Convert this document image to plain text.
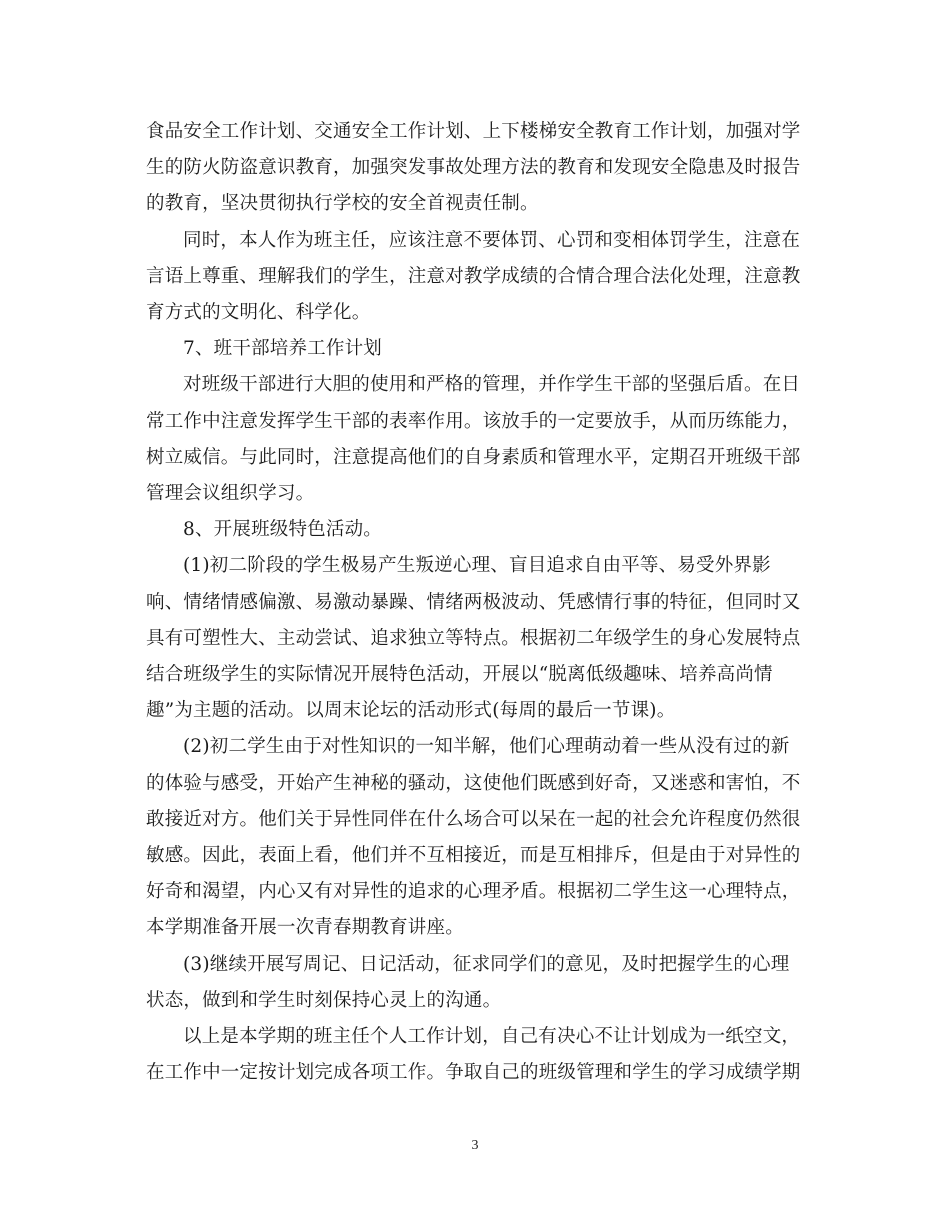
食品安全工作计划、交通安全工作计划、上下楼梯安全教育工作计划，加强对学
生的防火防盗意识教育，加强突发事故处理方法的教育和发现安全隐患及时报告
的教育，坚决贯彻执行学校的安全首视责任制。

同时，本人作为班主任，应该注意不要体罚、心罚和变相体罚学生，注意在
言语上尊重、理解我们的学生，注意对教学成绩的合情合理合法化处理，注意教
育方式的文明化、科学化。

7、班干部培养工作计划

对班级干部进行大胆的使用和严格的管理，并作学生干部的坚强后盾。在日
常工作中注意发挥学生干部的表率作用。该放手的一定要放手，从而历练能力，
树立威信。与此同时，注意提高他们的自身素质和管理水平，定期召开班级干部
管理会议组织学习。

8、开展班级特色活动。

(1)初二阶段的学生极易产生叛逆心理、盲目追求自由平等、易受外界影
响、情绪情感偏激、易激动暴躁、情绪两极波动、凭感情行事的特征，但同时又
具有可塑性大、主动尝试、追求独立等特点。根据初二年级学生的身心发展特点
结合班级学生的实际情况开展特色活动，开展以“脱离低级趣味、培养高尚情
趣”为主题的活动。以周末论坛的活动形式(每周的最后一节课)。

(2)初二学生由于对性知识的一知半解，他们心理萌动着一些从没有过的新
的体验与感受，开始产生神秘的骚动，这使他们既感到好奇，又迷惑和害怕，不
敢接近对方。他们关于异性同伴在什么场合可以呆在一起的社会允许程度仍然很
敏感。因此，表面上看，他们并不互相接近，而是互相排斥，但是由于对异性的
好奇和渴望，内心又有对异性的追求的心理矛盾。根据初二学生这一心理特点，
本学期准备开展一次青春期教育讲座。

(3)继续开展写周记、日记活动，征求同学们的意见，及时把握学生的心理
状态，做到和学生时刻保持心灵上的沟通。

以上是本学期的班主任个人工作计划，自己有决心不让计划成为一纸空文，
在工作中一定按计划完成各项工作。争取自己的班级管理和学生的学习成绩学期

3
